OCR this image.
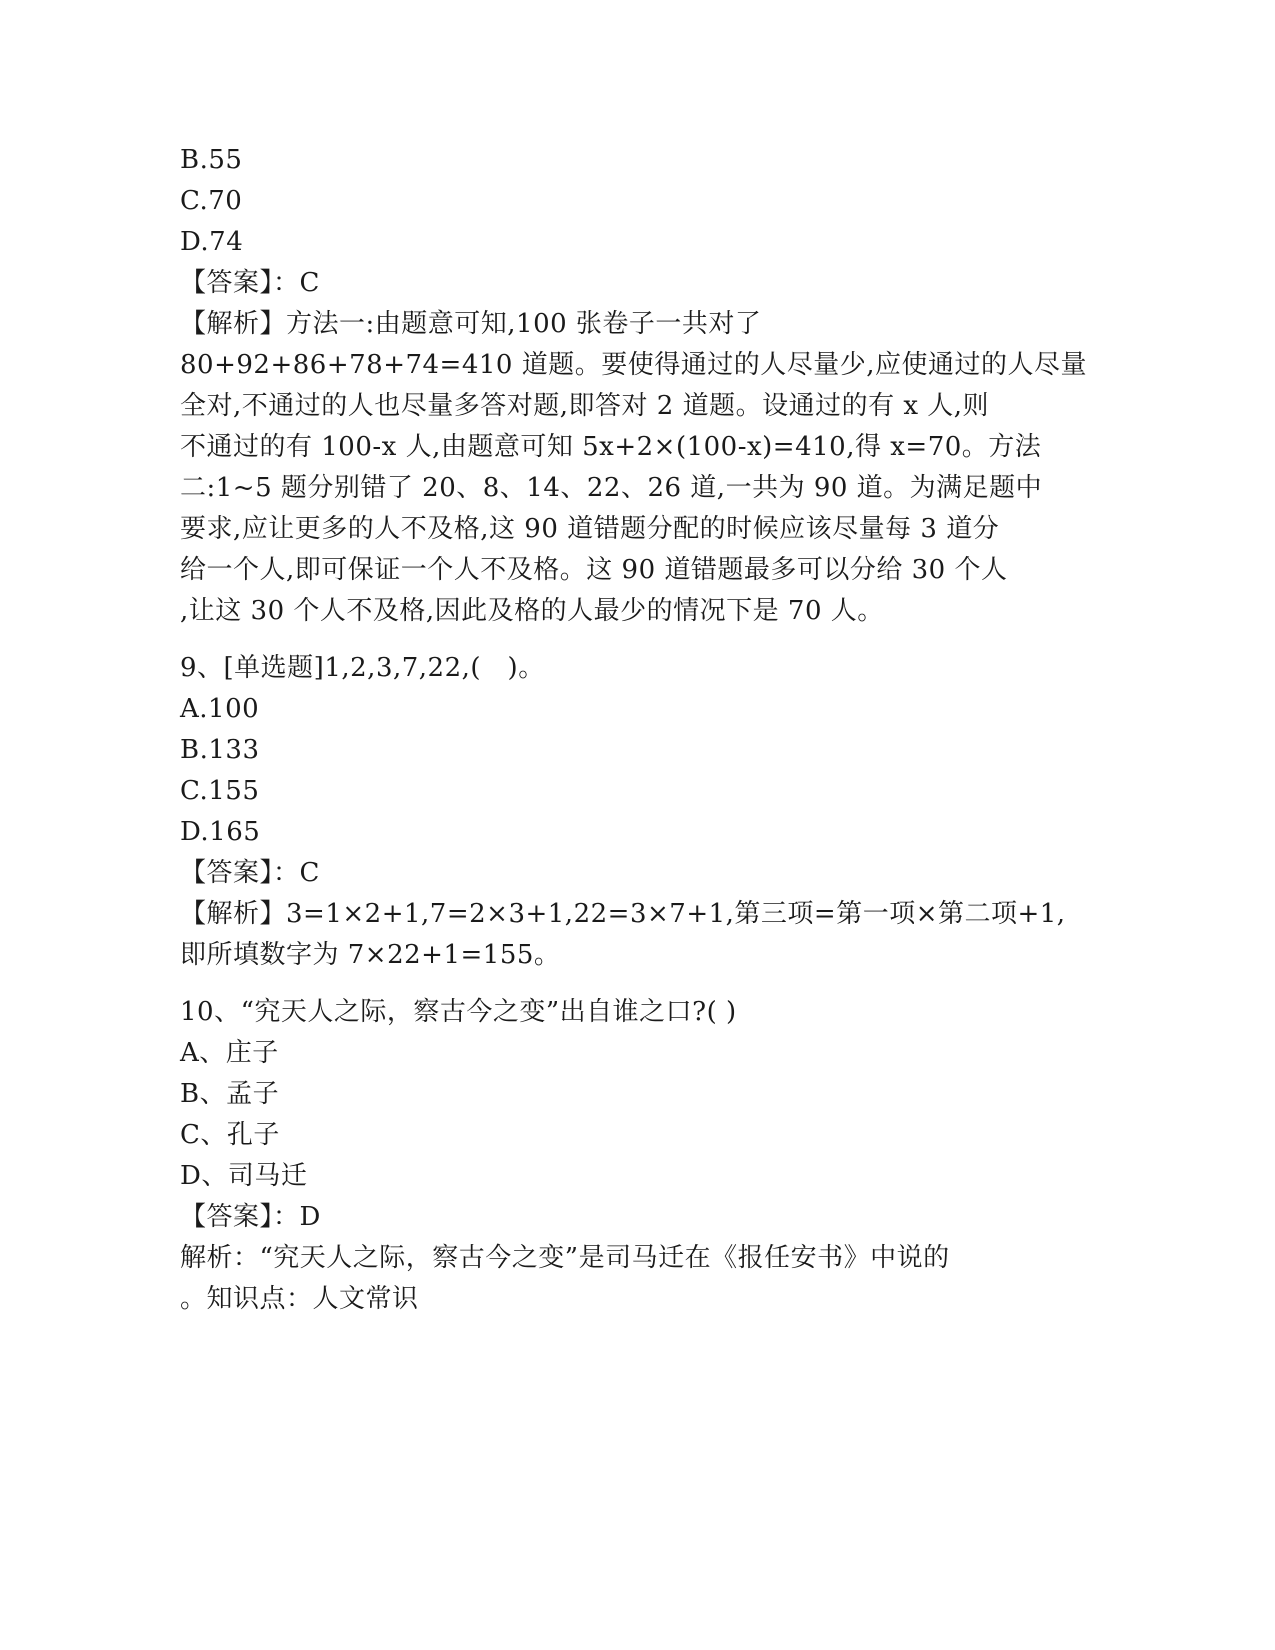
B.55
C.70
D.74
【答案】：C
【解析】方法一:由题意可知,100 张卷子一共对了
80+92+86+78+74=410 道题。要使得通过的人尽量少,应使通过的人尽量
全对,不通过的人也尽量多答对题,即答对 2 道题。设通过的有 x 人,则
不通过的有 100-x 人,由题意可知 5x+2×(100-x)=410,得 x=70。方法
二:1~5 题分别错了 20、8、14、22、26 道,一共为 90 道。为满足题中
要求,应让更多的人不及格,这 90 道错题分配的时候应该尽量每 3 道分
给一个人,即可保证一个人不及格。这 90 道错题最多可以分给 30 个人
,让这 30 个人不及格,因此及格的人最少的情况下是 70 人。
9、[单选题]1,2,3,7,22,(　)。
A.100
B.133
C.155
D.165
【答案】：C
【解析】3=1×2+1,7=2×3+1,22=3×7+1,第三项=第一项×第二项+1,
即所填数字为 7×22+1=155。
10、“究天人之际，察古今之变”出自谁之口?( )
A、庄子
B、孟子
C、孔子
D、司马迁
【答案】：D
解析：“究天人之际，察古今之变”是司马迁在《报任安书》中说的
。知识点：人文常识
